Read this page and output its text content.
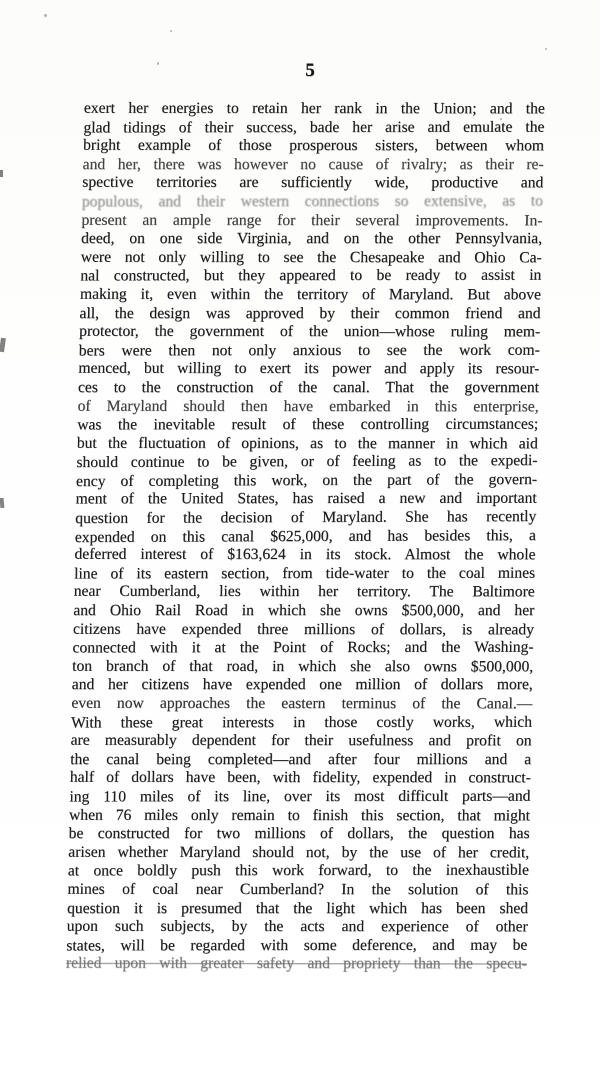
5
exert her energies to retain her rank in the Union; and the
glad tidings of their success, bade her arise and emulate the
bright example of those prosperous sisters, between whom
and her, there was however no cause of rivalry; as their re-
spective territories are sufficiently wide, productive and
populous, and their western connections so extensive, as to
present an ample range for their several improvements. In-
deed, on one side Virginia, and on the other Pennsylvania,
were not only willing to see the Chesapeake and Ohio Ca-
nal constructed, but they appeared to be ready to assist in
making it, even within the territory of Maryland. But above
all, the design was approved by their common friend and
protector, the government of the union—whose ruling mem-
bers were then not only anxious to see the work com-
menced, but willing to exert its power and apply its resour-
ces to the construction of the canal. That the government
of Maryland should then have embarked in this enterprise,
was the inevitable result of these controlling circumstances;
but the fluctuation of opinions, as to the manner in which aid
should continue to be given, or of feeling as to the expedi-
ency of completing this work, on the part of the govern-
ment of the United States, has raised a new and important
question for the decision of Maryland. She has recently
expended on this canal $625,000, and has besides this, a
deferred interest of $163,624 in its stock. Almost the whole
line of its eastern section, from tide-water to the coal mines
near Cumberland, lies within her territory. The Baltimore
and Ohio Rail Road in which she owns $500,000, and her
citizens have expended three millions of dollars, is already
connected with it at the Point of Rocks; and the Washing-
ton branch of that road, in which she also owns $500,000,
and her citizens have expended one million of dollars more,
even now approaches the eastern terminus of the Canal.—
With these great interests in those costly works, which
are measurably dependent for their usefulness and profit on
the canal being completed—and after four millions and a
half of dollars have been, with fidelity, expended in construct-
ing 110 miles of its line, over its most difficult parts—and
when 76 miles only remain to finish this section, that might
be constructed for two millions of dollars, the question has
arisen whether Maryland should not, by the use of her credit,
at once boldly push this work forward, to the inexhaustible
mines of coal near Cumberland? In the solution of this
question it is presumed that the light which has been shed
upon such subjects, by the acts and experience of other
states, will be regarded with some deference, and may be
relied upon with greater safety and propriety than the specu-
